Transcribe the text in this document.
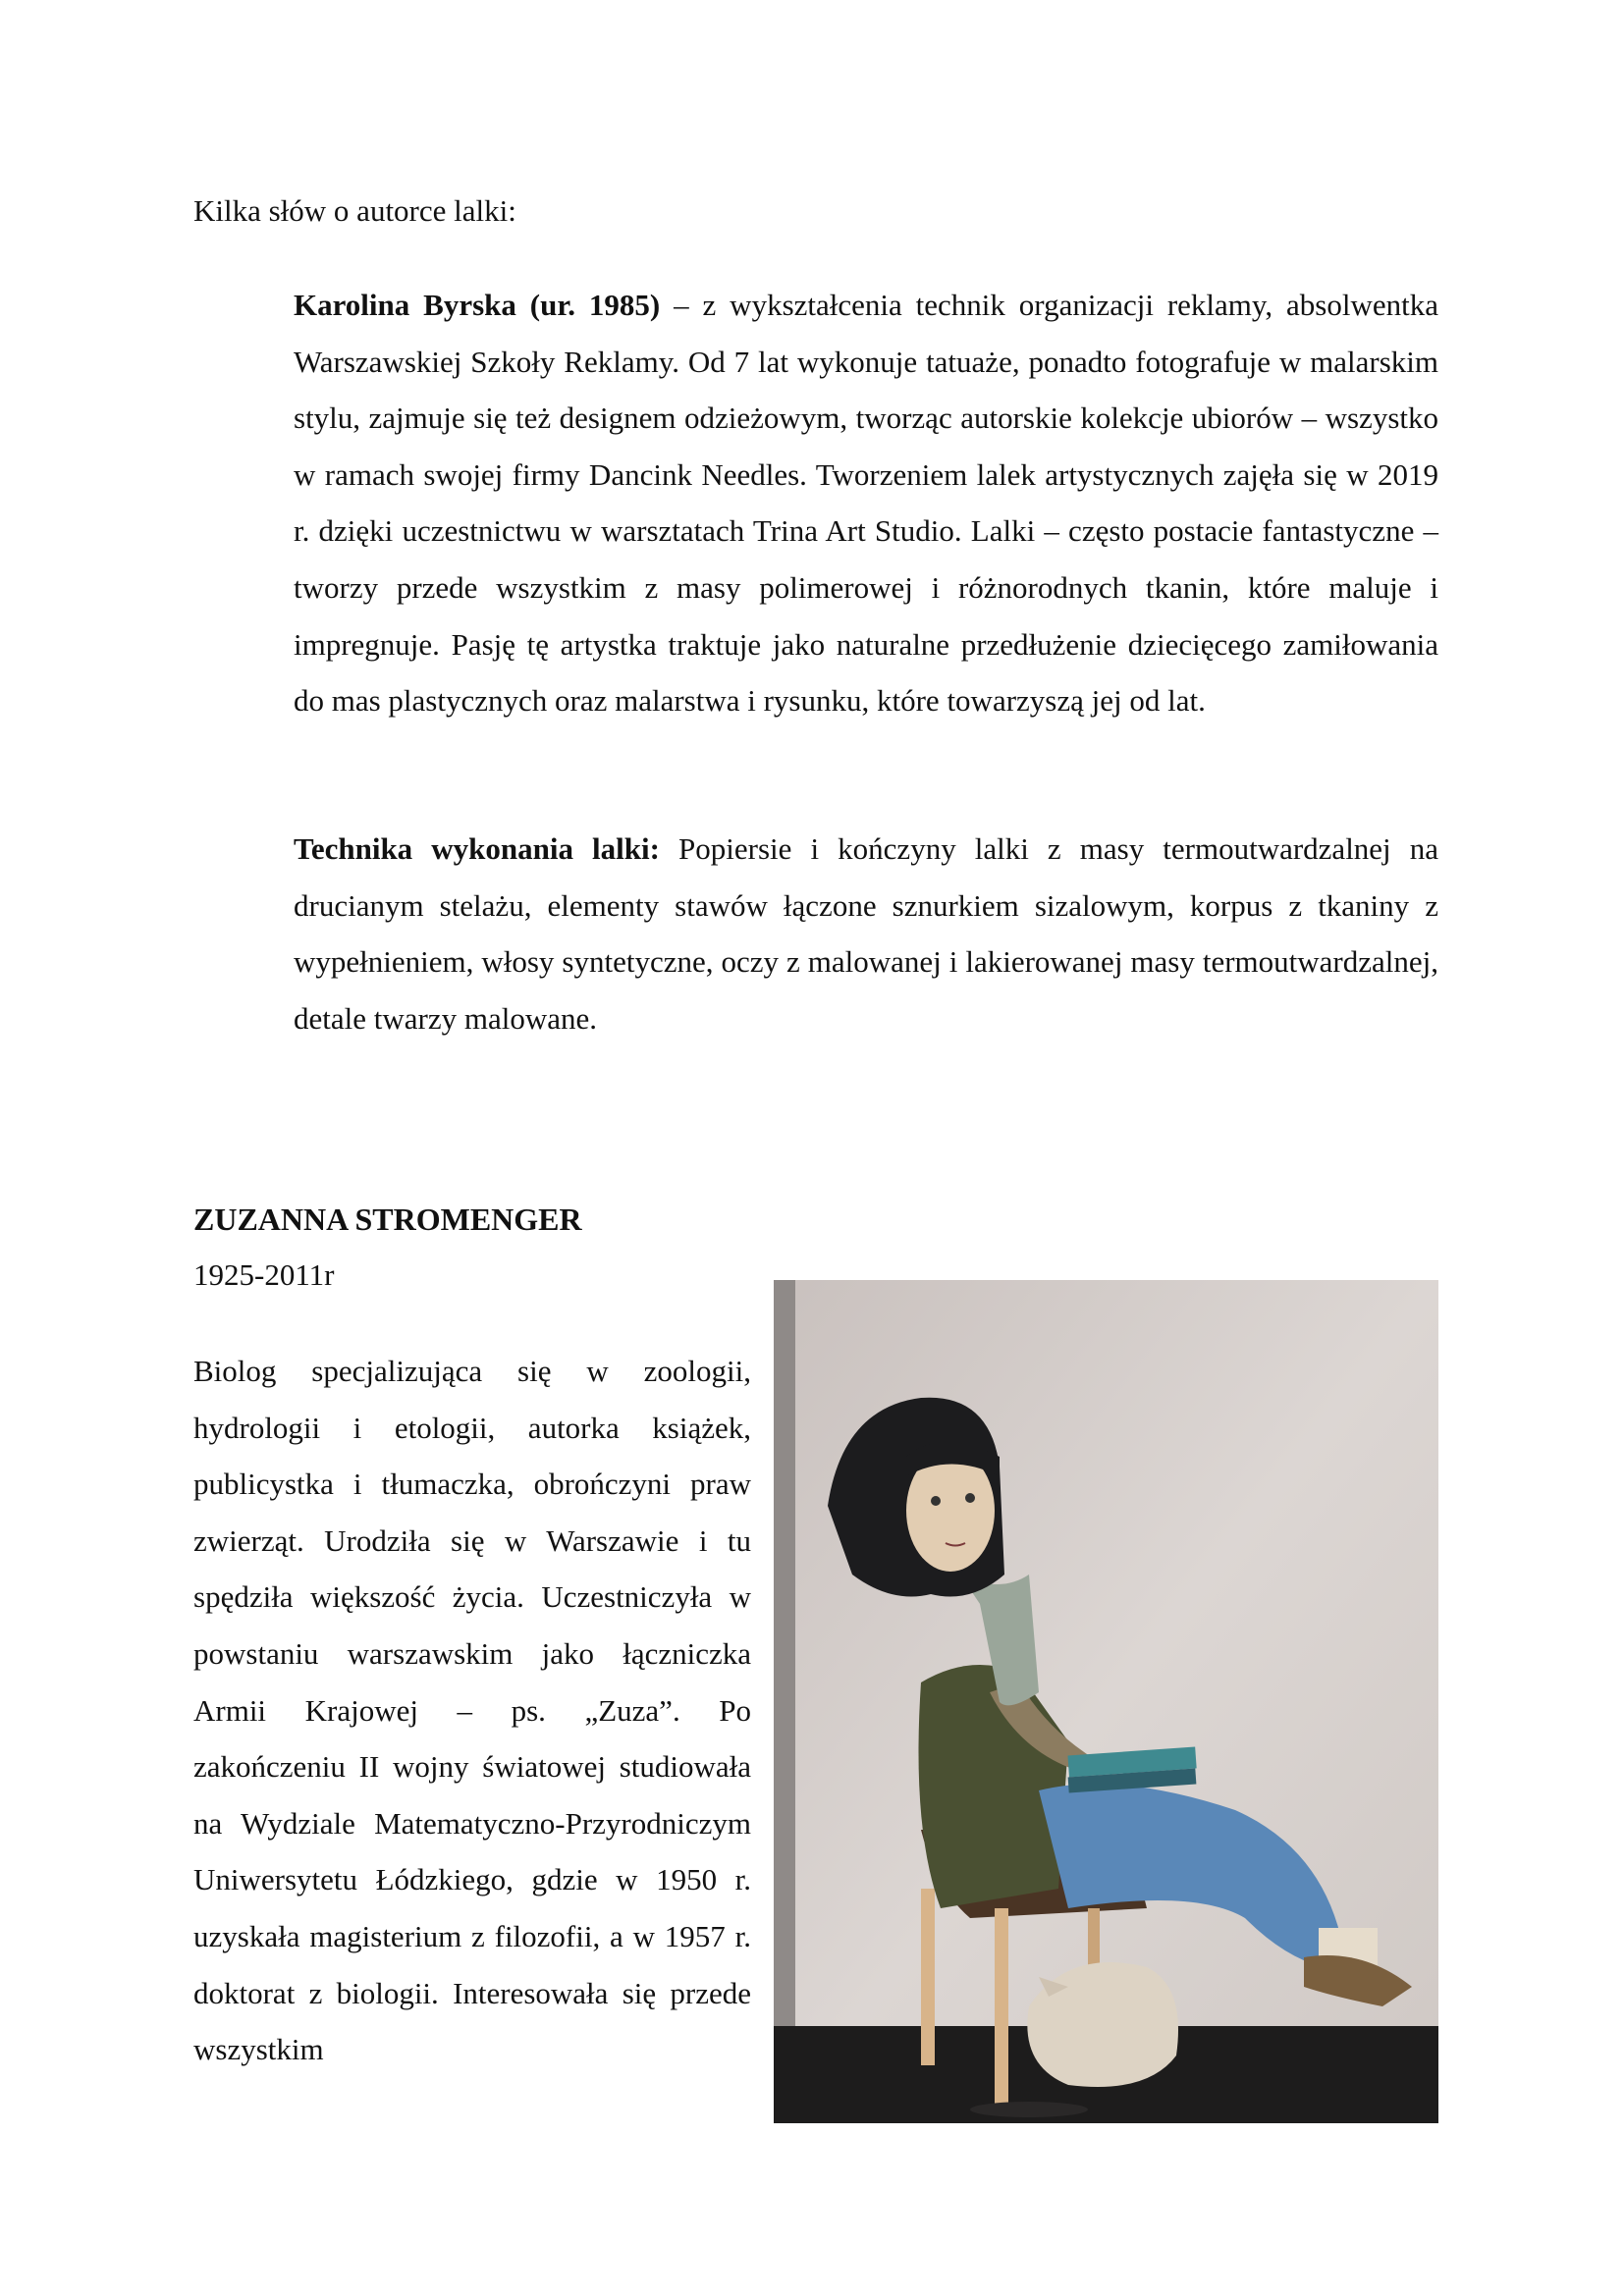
Kilka słów o autorce lalki:

Karolina Byrska (ur. 1985) – z wykształcenia technik organizacji reklamy, absolwentka Warszawskiej Szkoły Reklamy. Od 7 lat wykonuje tatuaże, ponadto fotografuje w malarskim stylu, zajmuje się też designem odzieżowym, tworząc autorskie kolekcje ubiorów – wszystko w ramach swojej firmy Dancink Needles. Tworzeniem lalek artystycznych zajęła się w 2019 r. dzięki uczestnictwu w warsztatach Trina Art Studio. Lalki – często postacie fantastyczne – tworzy przede wszystkim z masy polimerowej i różnorodnych tkanin, które maluje i impregnuje. Pasję tę artystka traktuje jako naturalne przedłużenie dziecięcego zamiłowania do mas plastycznych oraz malarstwa i rysunku, które towarzyszą jej od lat.

Technika wykonania lalki: Popiersie i kończyny lalki z masy termoutwardzalnej na drucianym stelażu, elementy stawów łączone sznurkiem sizalowym, korpus z tkaniny z wypełnieniem, włosy syntetyczne, oczy z malowanej i lakierowanej masy termoutwardzalnej, detale twarzy malowane.

ZUZANNA STROMENGER
1925-2011r

Biolog specjalizująca się w zoologii, hydrologii i etologii, autorka książek, publicystka i tłumaczka, obrończyni praw zwierząt. Urodziła się w Warszawie i tu spędziła większość życia. Uczestniczyła w powstaniu warszawskim jako łączniczka Armii Krajowej – ps. „Zuza”. Po zakończeniu II wojny światowej studiowała na Wydziale Matematyczno-Przyrodniczym Uniwersytetu Łódzkiego, gdzie w 1950 r. uzyskała magisterium z filozofii, a w 1957 r. doktorat z biologii. Interesowała się przede wszystkim
